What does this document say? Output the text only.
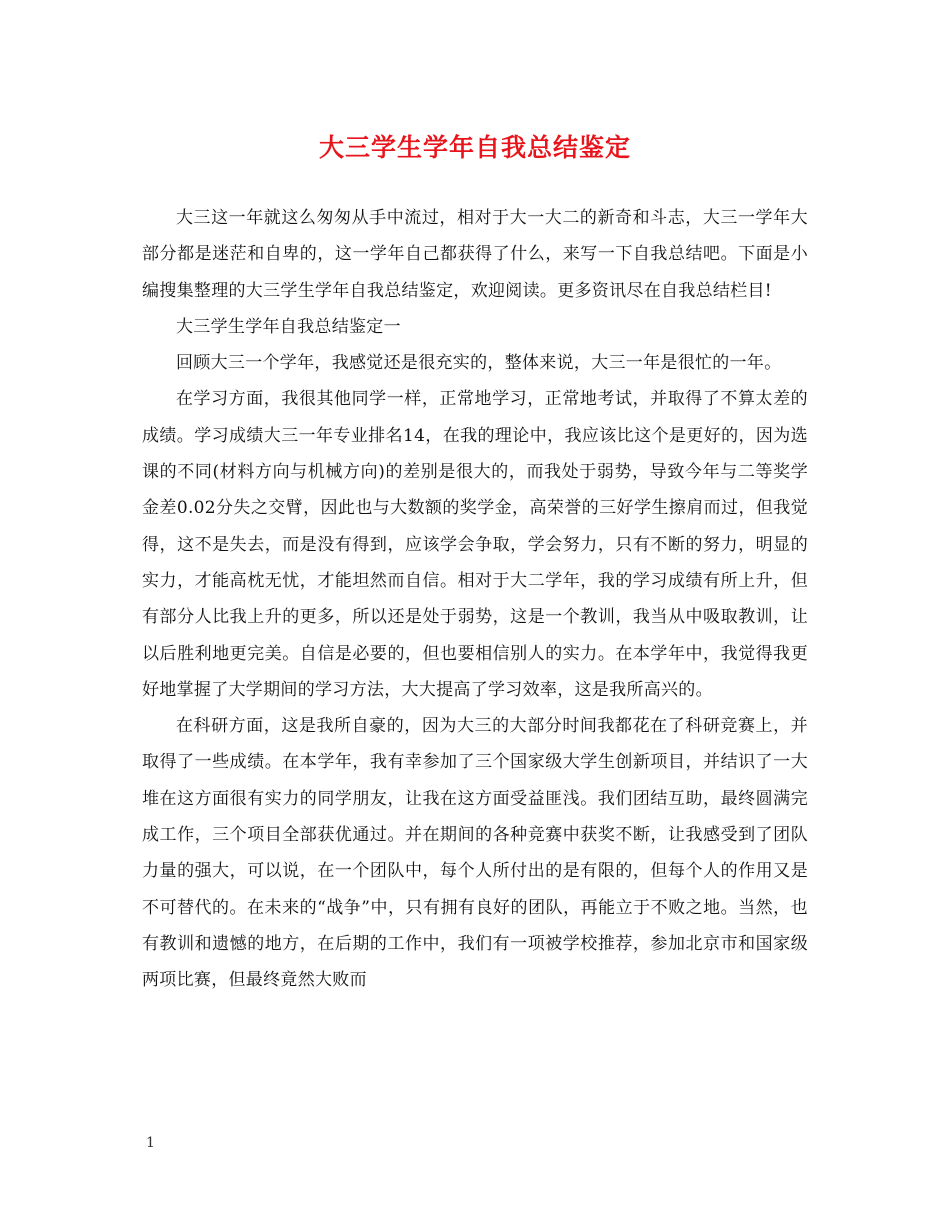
大三学生学年自我总结鉴定

大三这一年就这么匆匆从手中流过，相对于大一大二的新奇和斗志，大三一学年大部分都是迷茫和自卑的，这一学年自己都获得了什么，来写一下自我总结吧。下面是小编搜集整理的大三学生学年自我总结鉴定，欢迎阅读。更多资讯尽在自我总结栏目!

大三学生学年自我总结鉴定一

回顾大三一个学年，我感觉还是很充实的，整体来说，大三一年是很忙的一年。

在学习方面，我很其他同学一样，正常地学习，正常地考试，并取得了不算太差的成绩。学习成绩大三一年专业排名14，在我的理论中，我应该比这个是更好的，因为选课的不同(材料方向与机械方向)的差别是很大的，而我处于弱势，导致今年与二等奖学金差0.02分失之交臂，因此也与大数额的奖学金，高荣誉的三好学生擦肩而过，但我觉得，这不是失去，而是没有得到，应该学会争取，学会努力，只有不断的努力，明显的实力，才能高枕无忧，才能坦然而自信。相对于大二学年，我的学习成绩有所上升，但有部分人比我上升的更多，所以还是处于弱势，这是一个教训，我当从中吸取教训，让以后胜利地更完美。自信是必要的，但也要相信别人的实力。在本学年中，我觉得我更好地掌握了大学期间的学习方法，大大提高了学习效率，这是我所高兴的。

在科研方面，这是我所自豪的，因为大三的大部分时间我都花在了科研竞赛上，并取得了一些成绩。在本学年，我有幸参加了三个国家级大学生创新项目，并结识了一大堆在这方面很有实力的同学朋友，让我在这方面受益匪浅。我们团结互助，最终圆满完成工作，三个项目全部获优通过。并在期间的各种竞赛中获奖不断，让我感受到了团队力量的强大，可以说，在一个团队中，每个人所付出的是有限的，但每个人的作用又是不可替代的。在未来的“战争”中，只有拥有良好的团队，再能立于不败之地。当然，也有教训和遗憾的地方，在后期的工作中，我们有一项被学校推荐，参加北京市和国家级两项比赛，但最终竟然大败而

1
